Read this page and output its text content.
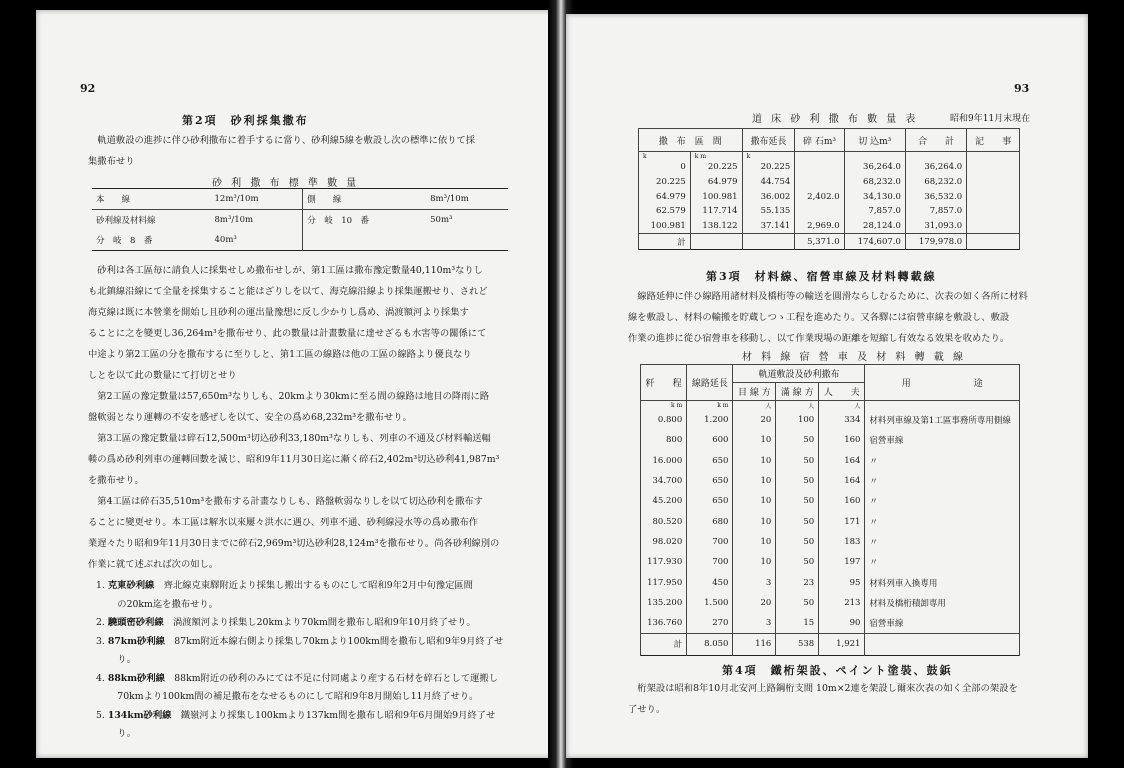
92
第2項　砂利採集撒布

軌道敷設の進捗に伴ひ砂利撒布に着手するに當り、砂利線5線を敷設し次の標準に依りて採
集撒布せり

砂 利 撒 布 標 準 數 量
本　　線	12m³/10m	側　　線	8m³/10m
砂利線及材料線	8m³/10m	分　岐　10　番	50m³
分　岐　8　番	40m³		

砂利は各工區毎に請負人に採集せしめ撒布せしが、第1工區は撒布豫定數量40,110m³なりし
も北鎮線沿線にて全量を採集すること能はざりしを以て、海克線沿線より採集運搬せり、されど
海克線は既に本營業を開始し且砂利の運出量豫想に反し少かりし爲め、渦渡額河より採集す
ることに之を變更し36,264m³を撒布せり、此の數量は計畫數量に達せざるも水害等の關係にて
中途より第2工區の分を撒布するに至りしと、第1工區の線路は他の工區の線路より優良なり
しとを以て此の數量にて打切とせり

第2工區の豫定數量は57,650m³なりしも、20kmより30kmに至る間の線路は地目の降雨に路
盤軟弱となり運轉の不安を感ぜしを以て、安全の爲め68,232m³を撒布せり。

第3工區の豫定數量は碎石12,500m³切込砂利33,180m³なりしも、列車の不通及び材料輸送輻
輳の爲め砂利列車の運轉回數を減じ、昭和9年11月30日迄に漸く碎石2,402m³切込砂利41,987m³
を撒布せり。

第4工區は碎石35,510m³を撒布する計畫なりしも、路盤軟弱なりしを以て切込砂利を撒布す
ることに變更せり。本工區は解氷以來屢々洪水に遇ひ、列車不通、砂利線浸水等の爲め撒布作
業遅々たり昭和9年11月30日までに碎石2,969m³切込砂利28,124m³を撒布せり。尚各砂利線別の
作業に就て述ぶれば次の如し。

1. 克東砂利線　齊北線克東驛附近より採集し搬出するものにして昭和9年2月中旬豫定區間
　の20km迄を撒布せり。
2. 驍頭密砂利線　渦渡額河より採集し20kmより70km間を撒布し昭和9年10月終了せり。
3. 87km砂利線　87km附近本線右側より採集し70kmより100km間を撒布し昭和9年9月終了せ
　り。
4. 88km砂利線　88km附近の砂利のみにては不足に付同處より産する石材を碎石として運搬し
　70kmより100km間の補足撒布をなせるものにして昭和9年8月開始し11月終了せり。
5. 134km砂利線　鐵嶺河より採集し100kmより137km間を撒布し昭和9年6月開始9月終了せ
　り。
93
道 床 砂 利 撒 布 數 量 表	昭和9年11月末現在
撒　布　區　間		撒布延長	碎 石m³	切 込m³	合　　計	記　　事
k	k m	k				
0	20.225	20.225		36,264.0	36,264.0	
20.225	64.979	44.754		68,232.0	68,232.0	
64.979	100.981	36.002	2,402.0	34,130.0	36,532.0	
62.579	117.714	55.135		7,857.0	7,857.0	
100.981	138.122	37.141	2,969.0	28,124.0	31,093.0	
計			5,371.0	174,607.0	179,978.0	
第3項　材料線、宿營車線及材料轉載線

線路延伸に伴ひ線路用諸材料及橋桁等の輸送を圓滑ならしむるために、次表の如く各所に材料
線を敷設し、材料の輸搬を貯蔵しつゝ工程を進めたり。又各驛には宿營車線を敷設し、敷設
作業の進捗に從ひ宿營車を移動し、以て作業現場の距離を短縮し有效なる效果を收めたり。

材 料 線 宿 營 車 及 材 料 轉 載 線
粁　　程	線路延長	軌道敷設及砂利撒布			用　　　　　　　途
		目 線 方	滿 線 方	人　　夫	
k m	k m	人	人	人	
0.800	1.200	20	100	334	材料列車線及第1工區事務所専用側線
800	600	10	50	160	宿營車線
16.000	650	10	50	164	〃
34.700	650	10	50	164	〃
45.200	650	10	50	160	〃
80.520	680	10	50	171	〃
98.020	700	10	50	183	〃
117.930	700	10	50	197	〃
117.950	450	3	23	95	材料列車入換専用
135.200	1.500	20	50	213	材料及橋桁積卸専用
136.760	270	3	15	90	宿營車線
計	8.050	116	538	1,921	
第4項　鐵桁架設、ペイント塗裝、鼓鋲

桁架設は昭和8年10月北安河上路鋼桁支間 10m×2連を架設し爾來次表の如く全部の架設を
了せり。
